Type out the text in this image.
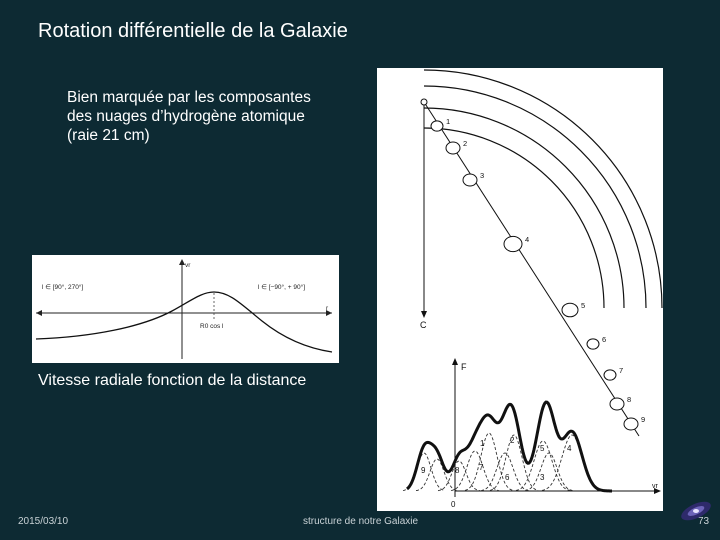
Rotation différentielle de la Galaxie
Bien marquée par les composantes
des nuages d’hydrogène atomique
(raie 21 cm)
l ∈ [90°, 270°]	l ∈ [−90°, + 90°]
R0 cos l
vr
r
Vitesse radiale fonction de la distance
C
1
2
3
4
5
6
7
8
9
F
vr
0
1	2
3
4
5
6
7
8
9
2015/03/10	structure de notre Galaxie	73
